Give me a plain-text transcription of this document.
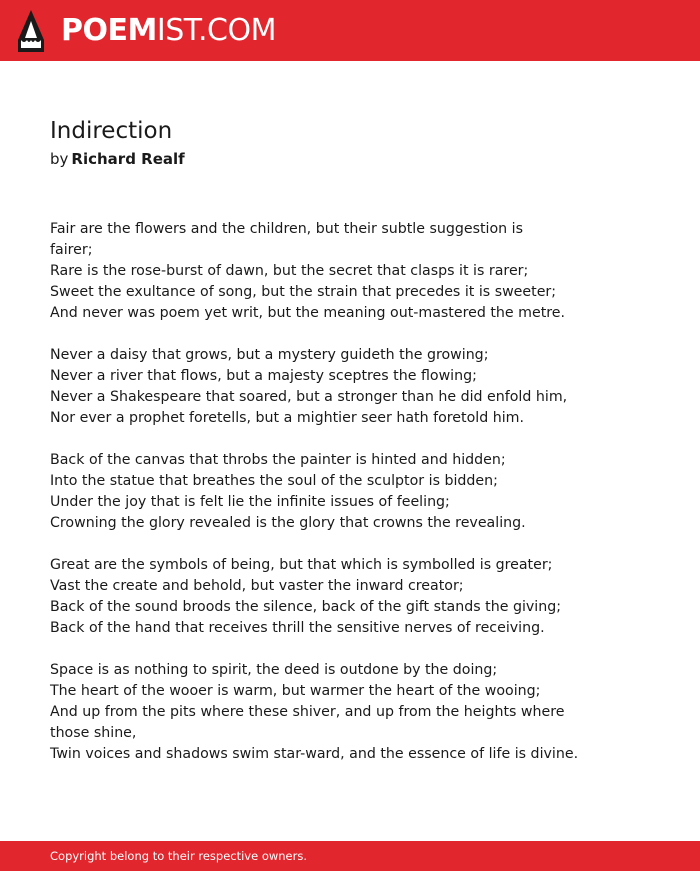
POEMIST.COM
Indirection
by Richard Realf
Fair are the flowers and the children, but their subtle suggestion is
fairer;
Rare is the rose-burst of dawn, but the secret that clasps it is rarer;
Sweet the exultance of song, but the strain that precedes it is sweeter;
And never was poem yet writ, but the meaning out-mastered the metre.
Never a daisy that grows, but a mystery guideth the growing;
Never a river that flows, but a majesty sceptres the flowing;
Never a Shakespeare that soared, but a stronger than he did enfold him,
Nor ever a prophet foretells, but a mightier seer hath foretold him.
Back of the canvas that throbs the painter is hinted and hidden;
Into the statue that breathes the soul of the sculptor is bidden;
Under the joy that is felt lie the infinite issues of feeling;
Crowning the glory revealed is the glory that crowns the revealing.
Great are the symbols of being, but that which is symbolled is greater;
Vast the create and behold, but vaster the inward creator;
Back of the sound broods the silence, back of the gift stands the giving;
Back of the hand that receives thrill the sensitive nerves of receiving.
Space is as nothing to spirit, the deed is outdone by the doing;
The heart of the wooer is warm, but warmer the heart of the wooing;
And up from the pits where these shiver, and up from the heights where
those shine,
Twin voices and shadows swim star-ward, and the essence of life is divine.
Copyright belong to their respective owners.
